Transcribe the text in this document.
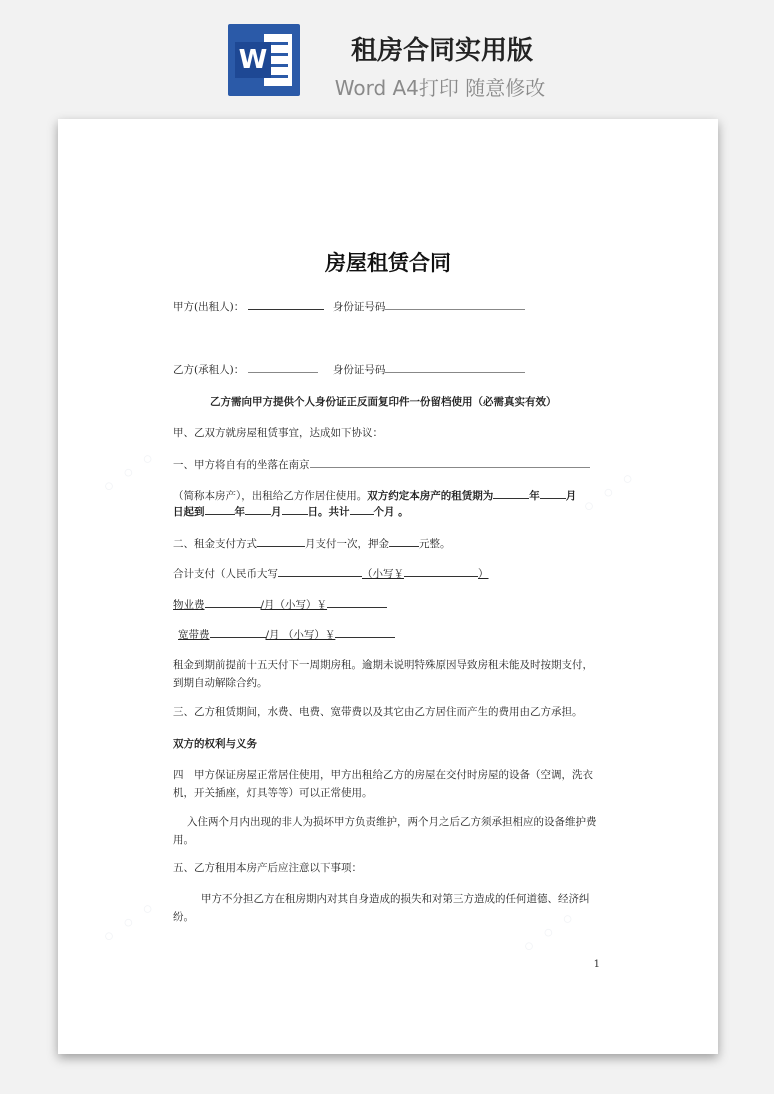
W	租房合同实用版
Word A4打印 随意修改
◦ ◦ ◦	◦ ◦ ◦
◦ ◦ ◦	◦ ◦ ◦
房屋租赁合同
甲方(出租人)：	身份证号码
乙方(承租人)：	身份证号码
乙方需向甲方提供个人身份证正反面复印件一份留档使用（必需真实有效）
甲、乙双方就房屋租赁事宜，达成如下协议：
一、甲方将自有的坐落在南京
（简称本房产），出租给乙方作居住使用。双方约定本房产的租赁期为	年 月
日起到	年 月 日。共计 个月 。
二、租金支付方式	月支付一次，押金	元整。
合计支付（人民币大写	（小写￥	）
物业费	/月（小写）￥
宽带费	/月 （小写）￥
租金到期前提前十五天付下一周期房租。逾期未说明特殊原因导致房租未能及时按期支付，到期自动解除合约。
三、乙方租赁期间，水费、电费、宽带费以及其它由乙方居住而产生的费用由乙方承担。
双方的权利与义务
四　甲方保证房屋正常居住使用，甲方出租给乙方的房屋在交付时房屋的设备（空调，洗衣机，开关插座，灯具等等）可以正常使用。
入住两个月内出现的非人为损坏甲方负责维护，两个月之后乙方须承担相应的设备维护费用。
五、乙方租用本房产后应注意以下事项：
甲方不分担乙方在租房期内对其自身造成的损失和对第三方造成的任何道德、经济纠纷。
1
